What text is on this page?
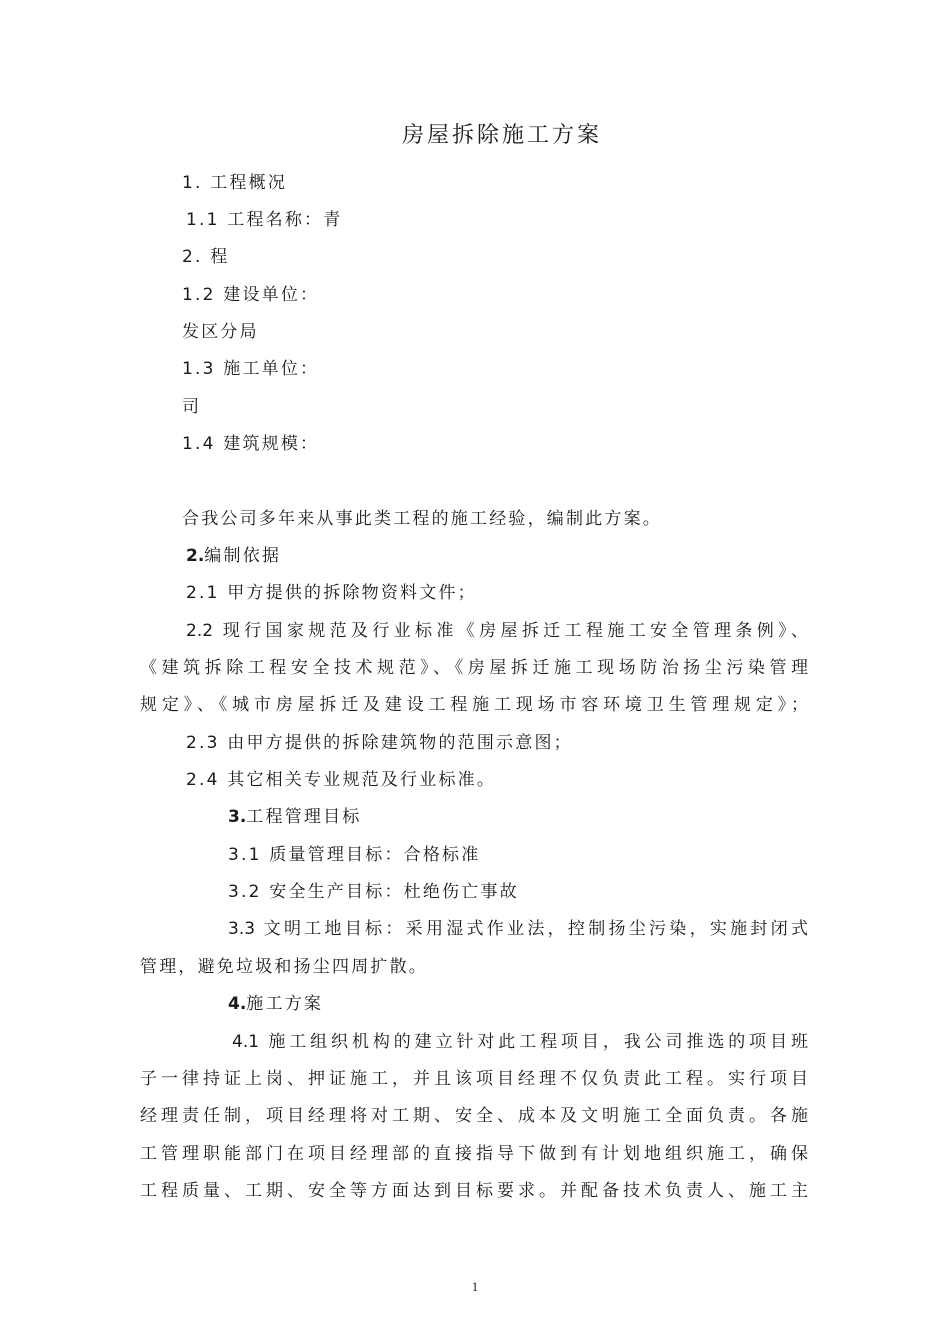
房屋拆除施工方案

1. 工程概况

1.1 工程名称：青

2. 程

1.2 建设单位：

发区分局

1.3 施工单位：

司

1.4 建筑规模：

合我公司多年来从事此类工程的施工经验，编制此方案。

2.编制依据

2.1 甲方提供的拆除物资料文件；

2.2 现行国家规范及行业标准《房屋拆迁工程施工安全管理条例》、

《建筑拆除工程安全技术规范》、《房屋拆迁施工现场防治扬尘污染管理

规定》、《城市房屋拆迁及建设工程施工现场市容环境卫生管理规定》；

2.3 由甲方提供的拆除建筑物的范围示意图；

2.4 其它相关专业规范及行业标准。

3.工程管理目标

3.1 质量管理目标：合格标准

3.2 安全生产目标：杜绝伤亡事故

3.3 文明工地目标：采用湿式作业法，控制扬尘污染，实施封闭式

管理，避免垃圾和扬尘四周扩散。

4.施工方案

4.1 施工组织机构的建立针对此工程项目，我公司推选的项目班

子一律持证上岗、押证施工，并且该项目经理不仅负责此工程。实行项目

经理责任制，项目经理将对工期、安全、成本及文明施工全面负责。各施

工管理职能部门在项目经理部的直接指导下做到有计划地组织施工，确保

工程质量、工期、安全等方面达到目标要求。并配备技术负责人、施工主

1
